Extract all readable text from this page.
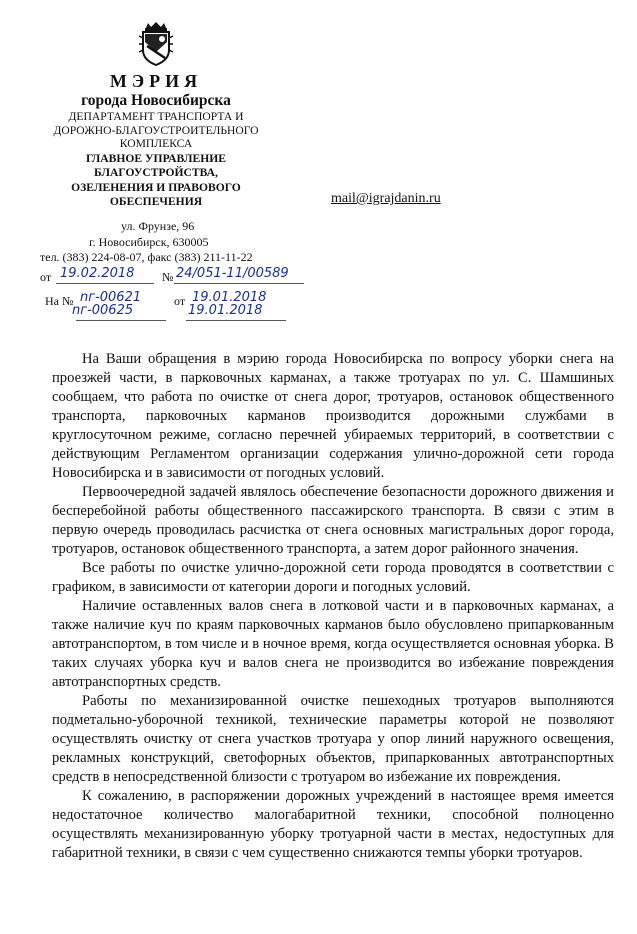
МЭРИЯ
города Новосибирска
ДЕПАРТАМЕНТ ТРАНСПОРТА И
ДОРОЖНО-БЛАГОУСТРОИТЕЛЬНОГО
КОМПЛЕКСА
ГЛАВНОЕ УПРАВЛЕНИЕ
БЛАГОУСТРОЙСТВА,
ОЗЕЛЕНЕНИЯ И ПРАВОВОГО
ОБЕСПЕЧЕНИЯ	mail@igrajdanin.ru
ул. Фрунзе, 96
г. Новосибирск, 630005
тел. (383) 224-08-07, факс (383) 211-11-22
от 19.02.2018 № 24/051-11/00589
На № nг-00621
nг-00625
от 19.01.2018
19.01.2018

На Ваши обращения в мэрию города Новосибирска по вопросу уборки снега на проезжей части, в парковочных карманах, а также тротуарах по ул. С. Шамшиных сообщаем, что работа по очистке от снега дорог, тротуаров, остановок общественного транспорта, парковочных карманов производится дорожными службами в круглосуточном режиме, согласно перечней убираемых территорий, в соответствии с действующим Регламентом организации содержания улично-дорожной сети города Новосибирска и в зависимости от погодных условий.

Первоочередной задачей являлось обеспечение безопасности дорожного движения и бесперебойной работы общественного пассажирского транспорта. В связи с этим в первую очередь проводилась расчистка от снега основных магистральных дорог города, тротуаров, остановок общественного транспорта, а затем дорог районного значения.

Все работы по очистке улично-дорожной сети города проводятся в соответствии с графиком, в зависимости от категории дороги и погодных условий.

Наличие оставленных валов снега в лотковой части и в парковочных карманах, а также наличие куч по краям парковочных карманов было обусловлено припаркованным автотранспортом, в том числе и в ночное время, когда осуществляется основная уборка. В таких случаях уборка куч и валов снега не производится во избежание повреждения автотранспортных средств.

Работы по механизированной очистке пешеходных тротуаров выполняются подметально-уборочной техникой, технические параметры которой не позволяют осуществлять очистку от снега участков тротуара у опор линий наружного освещения, рекламных конструкций, светофорных объектов, припаркованных автотранспортных средств в непосредственной близости с тротуаром во избежание их повреждения.

К сожалению, в распоряжении дорожных учреждений в настоящее время имеется недостаточное количество малогабаритной техники, способной полноценно осуществлять механизированную уборку тротуарной части в местах, недоступных для габаритной техники, в связи с чем существенно снижаются темпы уборки тротуаров.
